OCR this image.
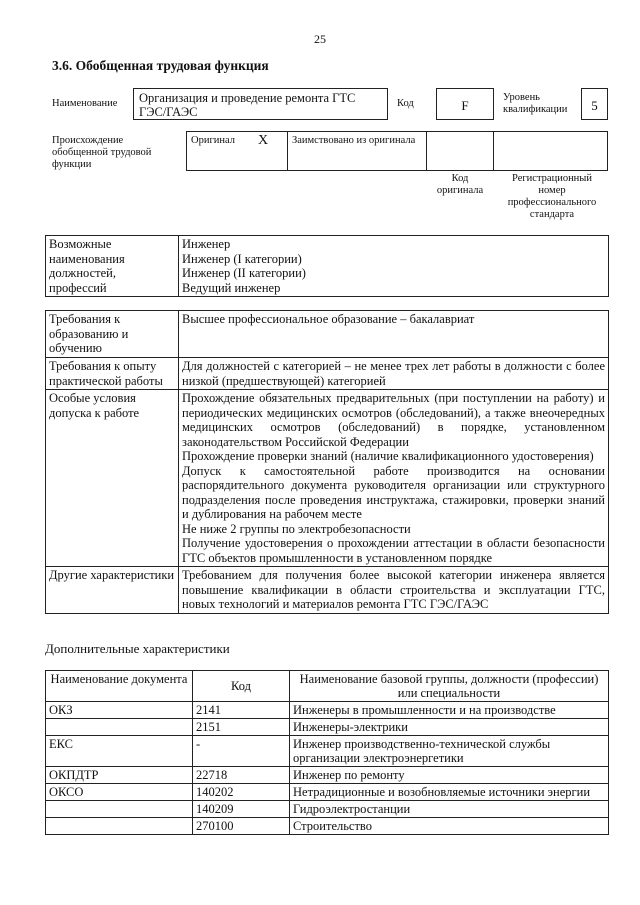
25
3.6. Обобщенная трудовая функция
Наименование Организация и проведение ремонта ГТС ГЭС/ГАЭС
Код	F
Уровень квалификации	5
Происхождение обобщенной трудовой функции
Оригинал X Заимствовано из оригинала
Код оригинала
Регистрационный номер профессионального стандарта
Возможные наименования должностей, профессий	
Инженер
Инженер (I категории)
Инженер (II категории)
Ведущий инженер
Требования к образованию и обучению	Высшее профессиональное образование – бакалавриат

Требования к опыту практической работы	Для должностей с категорией – не менее трех лет работы в должности с более низкой (предшествующей) категорией

Особые условия допуска к работе	Прохождение обязательных предварительных (при поступлении на работу) и периодических медицинских осмотров (обследований), а также внеочередных медицинских осмотров (обследований) в порядке, установленном законодательством Российской Федерации
Прохождение проверки знаний (наличие квалификационного удостоверения)
Допуск к самостоятельной работе производится на основании распорядительного документа руководителя организации или структурного подразделения после проведения инструктажа, стажировки, проверки знаний и дублирования на рабочем месте
Не ниже 2 группы по электробезопасности
Получение удостоверения о прохождении аттестации в области безопасности ГТС объектов промышленности в установленном порядке

Другие характеристики	Требованием для получения более высокой категории инженера является повышение квалификации в области строительства и эксплуатации ГТС, новых технологий и материалов ремонта ГТС ГЭС/ГАЭС
Дополнительные характеристики
Наименование документа	Код	Наименование базовой группы, должности (профессии) или специальности
ОКЗ	2141	Инженеры в промышленности и на производстве
	2151	Инженеры-электрики
ЕКС	-	Инженер производственно-технической службы организации электроэнергетики
ОКПДТР	22718	Инженер по ремонту
ОКСО	140202	Нетрадиционные и возобновляемые источники энергии
	140209	Гидроэлектростанции
	270100	Строительство
